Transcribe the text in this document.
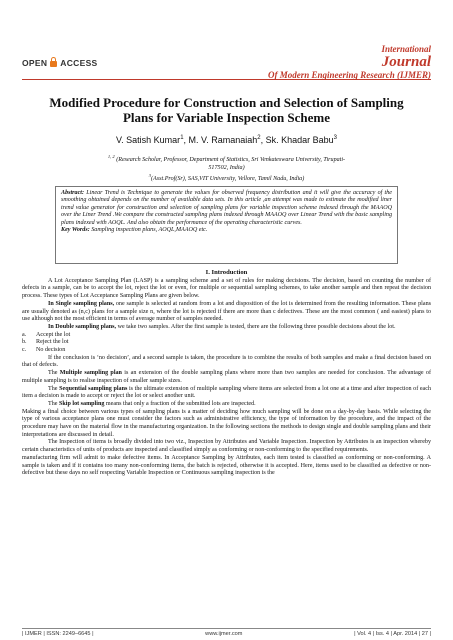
OPEN ACCESS
International
Journal
Of Modern Engineering Research (IJMER)
Modified Procedure for Construction and Selection of Sampling
Plans for Variable Inspection Scheme
V. Satish Kumar$^1$, M. V. Ramanaiah$^2$, Sk. Khadar Babu$^3$
$^{1, 2}$ (Research Scholar, Professor, Department of Statistics, Sri Venkateswara University, Tirupati-
517502, India)
$^3$(Asst.Prof(Sr), SAS,VIT University, Vellore, Tamil Nadu, India)
Abstract: Linear Trend is Technique to generate the values for observed frequency distribution and it will give the accuracy of the smoothing obtained depends on the number of available data sets. In this article ,an attempt was made to estimate the modified liner trend value generator for construction and selection of sampling plans for variable inspection scheme indexed through the MAAOQ over the Liner Trend .We compare the constructed sampling plans indexed through MAAOQ over Linear Trend with the basic sampling plans indexed with AOQL. And also obtain the performance of the operating characteristic curves.
Key Words: Sampling inspection plans, AOQL,MAAOQ etc.

I. Introduction

A Lot Acceptance Sampling Plan (LASP) is a sampling scheme and a set of rules for making decisions. The decision, based on counting the number of defects in a sample, can be to accept the lot, reject the lot or even, for multiple or sequential sampling schemes, to take another sample and then repeat the decision process. These types of Lot Acceptance Sampling Plans are given below.

In Single sampling plans, one sample is selected at random from a lot and disposition of the lot is determined from the resulting information. These plans are usually denoted as (n,c) plans for a sample size n, where the lot is rejected if there are more than c defectives. These are the most common ( and easiest) plans to use although not the most efficient in terms of average number of samples needed.

In Double sampling plans, we take two samples. After the first sample is tested, there are the following three possible decisions about the lot.

a.	Accept the lot
b.	Reject the lot
c.	No decision

If the conclusion is ‘no decision’, and a second sample is taken, the procedure is to combine the results of both samples and make a final decision based on that of defects.

The Multiple sampling plan is an extension of the double sampling plans where more than two samples are needed for conclusion. The advantage of multiple sampling is to realise inspection of smaller sample sizes.

The Sequential sampling plans is the ultimate extension of multiple sampling where items are selected from a lot one at a time and after inspection of each item a decision is made to accept or reject the lot or select another unit.

The Skip lot sampling means that only a fraction of the submitted lots are inspected.

Making a final choice between various types of sampling plans is a matter of deciding how much sampling will be done on a day-by-day basis. While selecting the type of various acceptance plans one must consider the factors such as administrative efficiency, the type of information by the procedure, and the impact of the procedure may have on the material flow in the manufacturing organization. In the following sections the methods to design single and double sampling plans and their interpretations are discussed in detail.

The Inspection of items is broadly divided into two viz., Inspection by Attributes and Variable Inspection. Inspection by Attributes is an inspection whereby certain characteristics of units of products are inspected and classified simply as conforming or non-conforming to the specified requirements.

manufacturing firm will admit to make defective items. In Acceptance Sampling by Attributes, each item tested is classified as conforming or non-conforming. A sample is taken and if it contains too many non-conforming items, the batch is rejected, otherwise it is accepted. Here, items used to be classified as defective or non-defective but these days no self respecting Variable Inspection or Continuous sampling inspection is the

| IJMER | ISSN: 2249–6645 |	www.ijmer.com	| Vol. 4 | Iss. 4 | Apr. 2014 | 27 |
